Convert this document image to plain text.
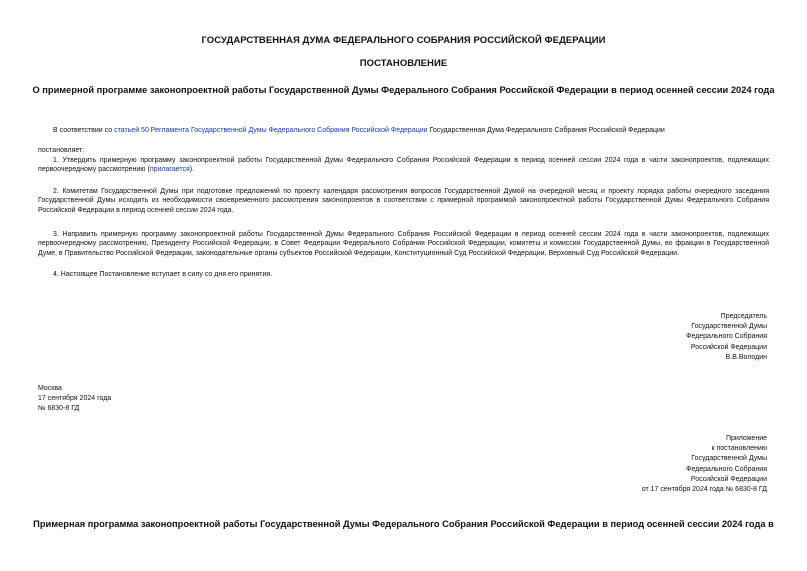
ГОСУДАРСТВЕННАЯ ДУМА ФЕДЕРАЛЬНОГО СОБРАНИЯ РОССИЙСКОЙ ФЕДЕРАЦИИ
ПОСТАНОВЛЕНИЕ
О примерной программе законопроектной работы Государственной Думы Федерального Собрания Российской Федерации в период осенней сессии 2024 года

В соответствии со статьей 50 Регламента Государственной Думы Федерального Собрания Российской Федерации Государственная Дума Федерального Собрания Российской Федерации

постановляет:

1. Утвердить примерную программу законопроектной работы Государственной Думы Федерального Собрания Российской Федерации в период осенней сессии 2024 года в части законопроектов, подлежащих первоочередному рассмотрению (прилагается).

2. Комитетам Государственной Думы при подготовке предложений по проекту календаря рассмотрения вопросов Государственной Думой на очередной месяц и проекту порядка работы очередного заседания Государственной Думы исходить из необходимости своевременного рассмотрения законопроектов в соответствии с примерной программой законопроектной работы Государственной Думы Федерального Собрания Российской Федерации в период осенней сессии 2024 года.

3. Направить примерную программу законопроектной работы Государственной Думы Федерального Собрания Российской Федерации в период осенней сессии 2024 года в части законопроектов, подлежащих первоочередному рассмотрению, Президенту Российской Федерации, в Совет Федерации Федерального Собрания Российской Федерации, комитеты и комиссии Государственной Думы, во фракции в Государственной Думе, в Правительство Российской Федерации, законодательные органы субъектов Российской Федерации, Конституционный Суд Российской Федерации, Верховный Суд Российской Федерации.

4. Настоящее Постановление вступает в силу со дня его принятия.

Председатель
Государственной Думы
Федерального Собрания
Российской Федерации
В.В.Володин
Москва
17 сентября 2024 года
№ 6830-8 ГД
Приложение
к постановлению
Государственной Думы
Федерального Собрания
Российской Федерации
от 17 сентября 2024 года № 6830-8 ГД
Примерная программа законопроектной работы Государственной Думы Федерального Собрания Российской Федерации в период осенней сессии 2024 года в
